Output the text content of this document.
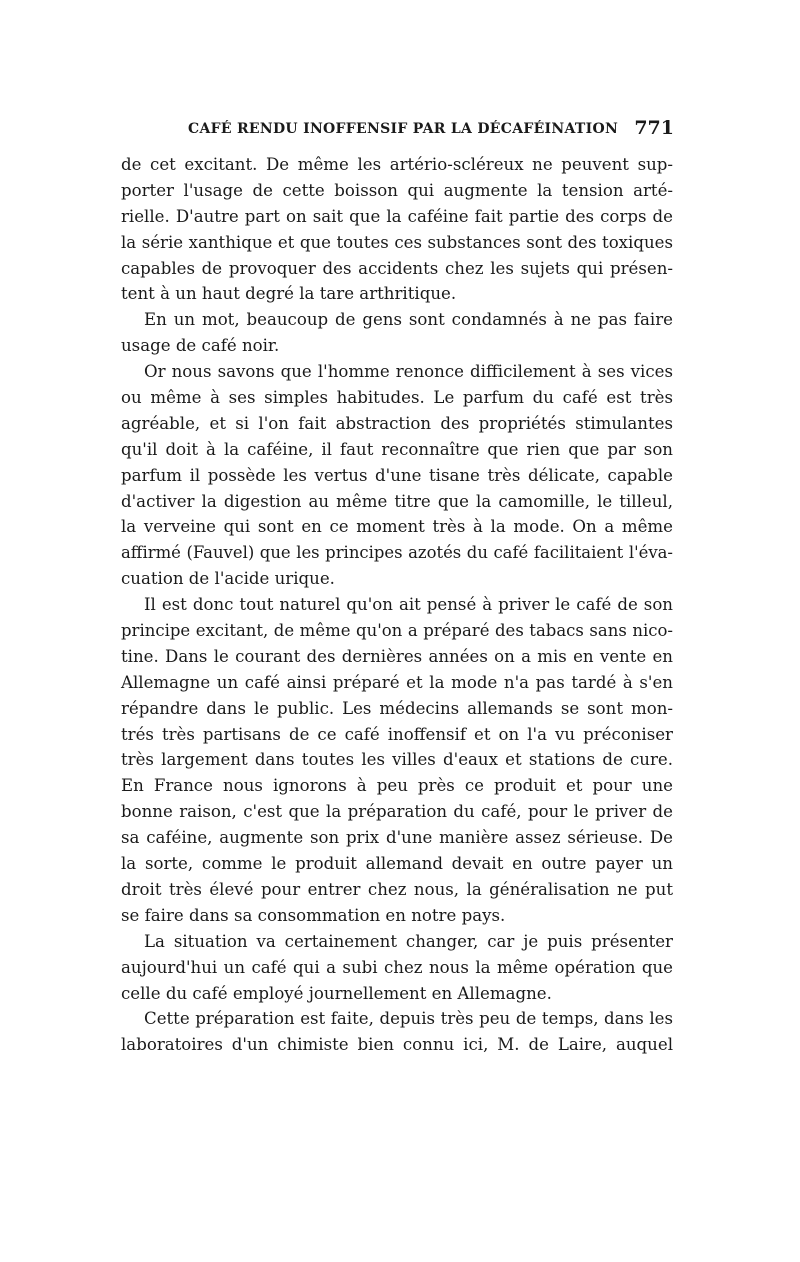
CAFÉ RENDU INOFFENSIF PAR LA DÉCAFÉINATION 771
de cet excitant. De même les artério-scléreux ne peuvent sup-
porter l'usage de cette boisson qui augmente la tension arté-
rielle. D'autre part on sait que la caféine fait partie des corps de
la série xanthique et que toutes ces substances sont des toxiques
capables de provoquer des accidents chez les sujets qui présen-
tent à un haut degré la tare arthritique.
En un mot, beaucoup de gens sont condamnés à ne pas faire
usage de café noir.
Or nous savons que l'homme renonce difficilement à ses vices
ou même à ses simples habitudes. Le parfum du café est très
agréable, et si l'on fait abstraction des propriétés stimulantes
qu'il doit à la caféine, il faut reconnaître que rien que par son
parfum il possède les vertus d'une tisane très délicate, capable
d'activer la digestion au même titre que la camomille, le tilleul,
la verveine qui sont en ce moment très à la mode. On a même
affirmé (Fauvel) que les principes azotés du café facilitaient l'éva-
cuation de l'acide urique.
Il est donc tout naturel qu'on ait pensé à priver le café de son
principe excitant, de même qu'on a préparé des tabacs sans nico-
tine. Dans le courant des dernières années on a mis en vente en
Allemagne un café ainsi préparé et la mode n'a pas tardé à s'en
répandre dans le public. Les médecins allemands se sont mon-
trés très partisans de ce café inoffensif et on l'a vu préconiser
très largement dans toutes les villes d'eaux et stations de cure.
En France nous ignorons à peu près ce produit et pour une
bonne raison, c'est que la préparation du café, pour le priver de
sa caféine, augmente son prix d'une manière assez sérieuse. De
la sorte, comme le produit allemand devait en outre payer un
droit très élevé pour entrer chez nous, la généralisation ne put
se faire dans sa consommation en notre pays.
La situation va certainement changer, car je puis présenter
aujourd'hui un café qui a subi chez nous la même opération que
celle du café employé journellement en Allemagne.
Cette préparation est faite, depuis très peu de temps, dans les
laboratoires d'un chimiste bien connu ici, M. de Laire, auquel
